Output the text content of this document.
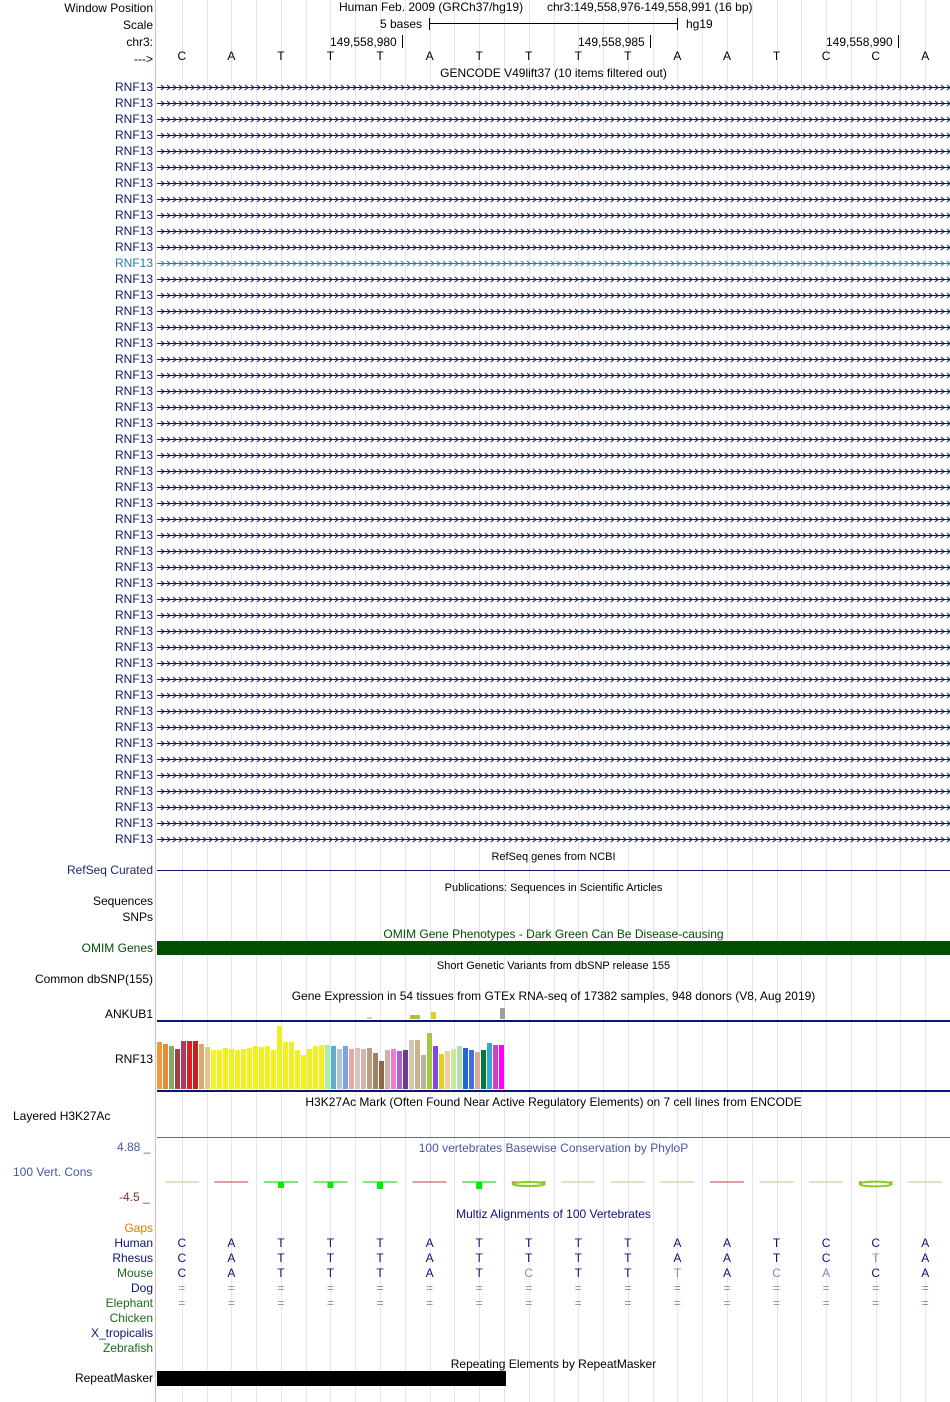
Window Position	Human Feb. 2009 (GRCh37/hg19) chr3:149,558,976-149,558,991 (16 bp)
Scale	5 bases	hg19
chr3:	149,558,980	149,558,985	149,558,990
--->	C	A	T	T	T	A	T	T	T	T	A	A	T	C	C	A
GENCODE V49lift37 (10 items filtered out)
RNF13
RNF13
RNF13
RNF13
RNF13
RNF13
RNF13
RNF13
RNF13
RNF13
RNF13
RNF13
RNF13
RNF13
RNF13
RNF13
RNF13
RNF13
RNF13
RNF13
RNF13
RNF13
RNF13
RNF13
RNF13
RNF13
RNF13
RNF13
RNF13
RNF13
RNF13
RNF13
RNF13
RNF13
RNF13
RNF13
RNF13
RNF13
RNF13
RNF13
RNF13
RNF13
RNF13
RNF13
RNF13
RNF13
RNF13
RNF13
RefSeq genes from NCBI
RefSeq Curated
Publications: Sequences in Scientific Articles
Sequences
SNPs
OMIM Gene Phenotypes - Dark Green Can Be Disease-causing
OMIM Genes
Short Genetic Variants from dbSNP release 155
Common dbSNP(155)
Gene Expression in 54 tissues from GTEx RNA-seq of 17382 samples, 948 donors (V8, Aug 2019)
ANKUB1
RNF13
H3K27Ac Mark (Often Found Near Active Regulatory Elements) on 7 cell lines from ENCODE
Layered H3K27Ac
4.88 _	100 vertebrates Basewise Conservation by PhyloP
100 Vert. Cons
-4.5 _
Multiz Alignments of 100 Vertebrates
Gaps
Human	C	A	T	T	T	A	T	T	T	T	A	A	T	C	C	A
Rhesus	C	A	T	T	T	A	T	T	T	T	A	A	T	C	T	A
Mouse	C	A	T	T	T	A	T	C	T	T	T	A	C	A	C	A
Dog	=	=	=	=	=	=	=	=	=	=	=	=	=	=	=	=
Elephant	=	=	=	=	=	=	=	=	=	=	=	=	=	=	=	=
Chicken
X_tropicalis
Zebrafish
Repeating Elements by RepeatMasker
RepeatMasker
